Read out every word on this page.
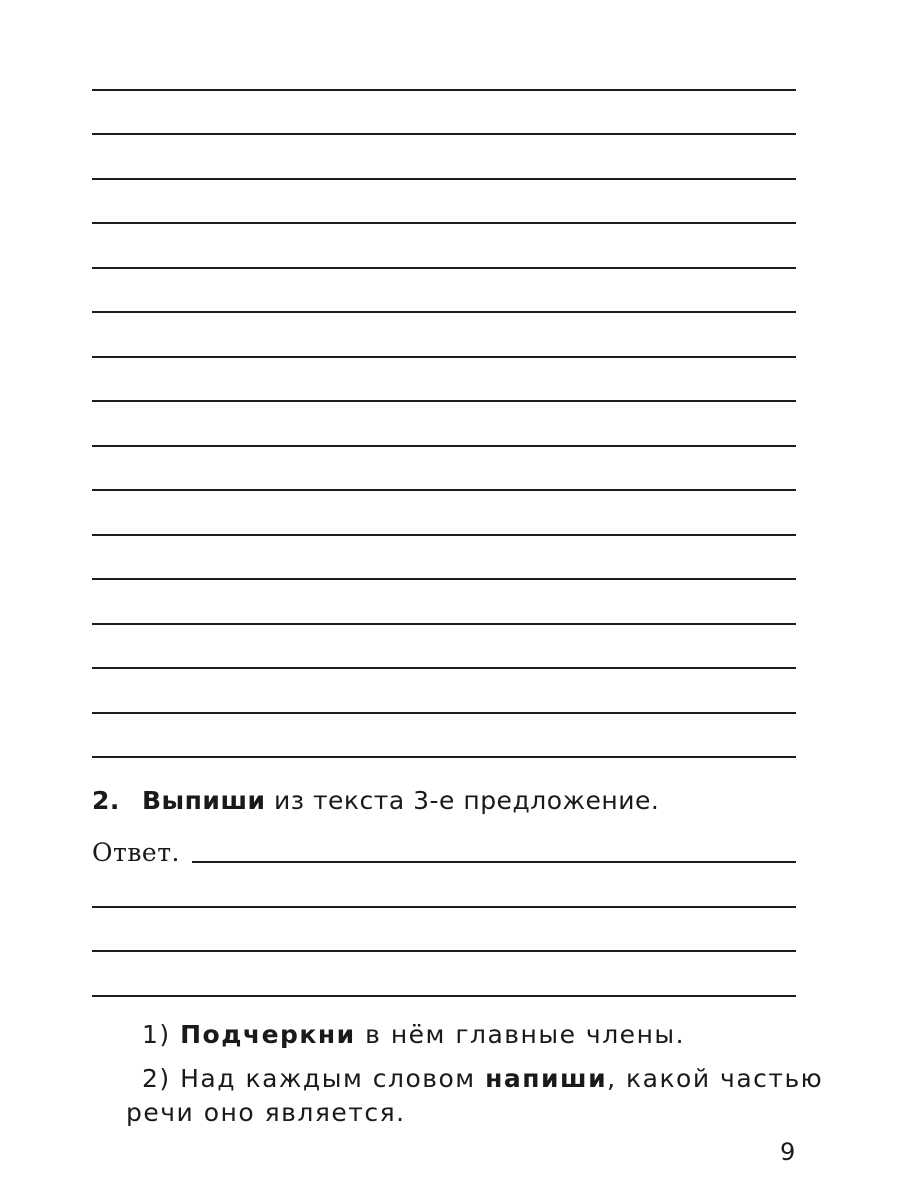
2. Выпиши из текста 3-е предложение.
Ответ.
1) Подчеркни в нём главные члены.
2) Над каждым словом напиши, какой частью
речи оно является.
9
